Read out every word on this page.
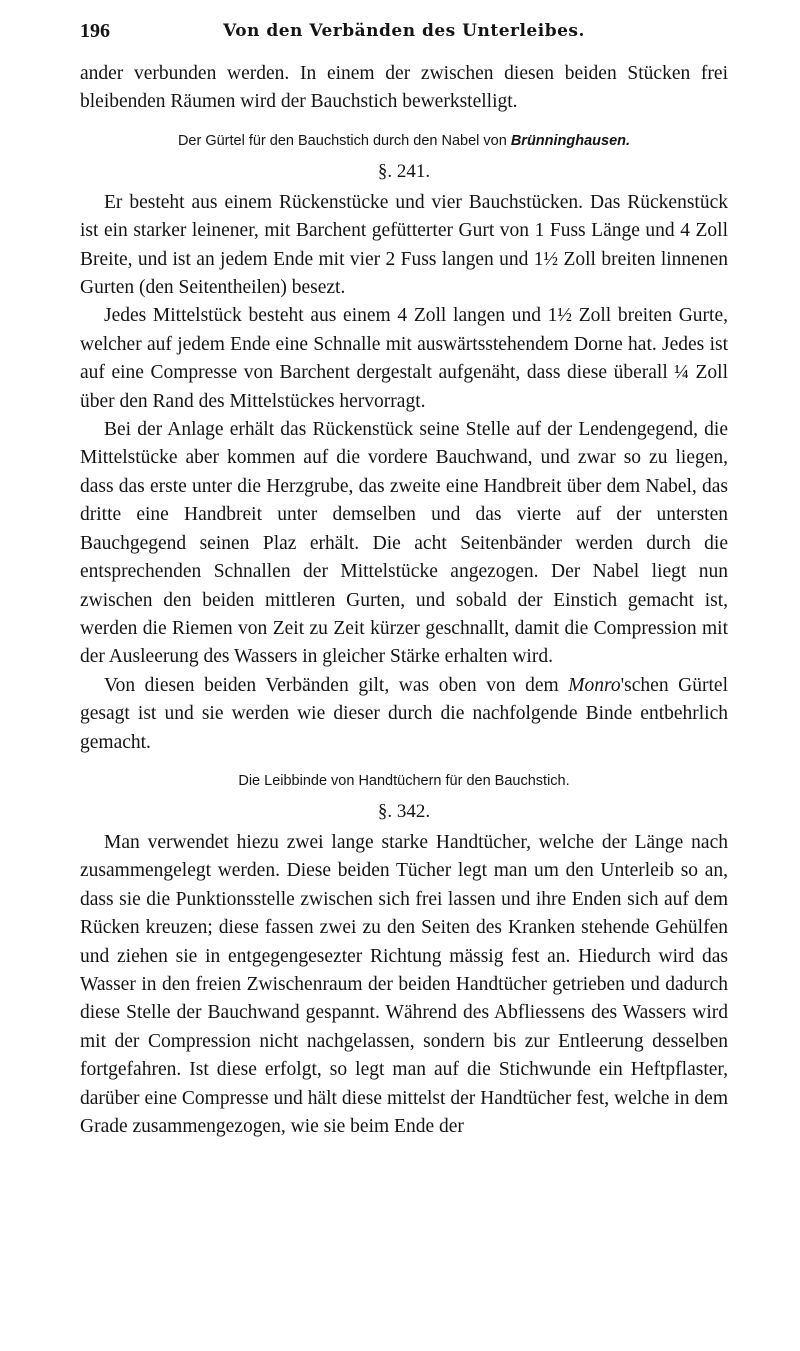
196	Von den Verbänden des Unterleibes.

ander verbunden werden. In einem der zwischen diesen beiden Stücken frei bleibenden Räumen wird der Bauchstich bewerkstelligt.

Der Gürtel für den Bauchstich durch den Nabel von Brünninghausen.
§. 241.

Er besteht aus einem Rückenstücke und vier Bauchstücken. Das Rückenstück ist ein starker leinener, mit Barchent gefütterter Gurt von 1 Fuss Länge und 4 Zoll Breite, und ist an jedem Ende mit vier 2 Fuss langen und 1½ Zoll breiten linnenen Gurten (den Seitentheilen) besezt.

Jedes Mittelstück besteht aus einem 4 Zoll langen und 1½ Zoll breiten Gurte, welcher auf jedem Ende eine Schnalle mit auswärtsstehendem Dorne hat. Jedes ist auf eine Compresse von Barchent dergestalt aufgenäht, dass diese überall ¼ Zoll über den Rand des Mittelstückes hervorragt.

Bei der Anlage erhält das Rückenstück seine Stelle auf der Lendengegend, die Mittelstücke aber kommen auf die vordere Bauchwand, und zwar so zu liegen, dass das erste unter die Herzgrube, das zweite eine Handbreit über dem Nabel, das dritte eine Handbreit unter demselben und das vierte auf der untersten Bauchgegend seinen Plaz erhält. Die acht Seitenbänder werden durch die entsprechenden Schnallen der Mittelstücke angezogen. Der Nabel liegt nun zwischen den beiden mittleren Gurten, und sobald der Einstich gemacht ist, werden die Riemen von Zeit zu Zeit kürzer geschnallt, damit die Compression mit der Ausleerung des Wassers in gleicher Stärke erhalten wird.

Von diesen beiden Verbänden gilt, was oben von dem Monro'schen Gürtel gesagt ist und sie werden wie dieser durch die nachfolgende Binde entbehrlich gemacht.

Die Leibbinde von Handtüchern für den Bauchstich.
§. 342.

Man verwendet hiezu zwei lange starke Handtücher, welche der Länge nach zusammengelegt werden. Diese beiden Tücher legt man um den Unterleib so an, dass sie die Punktionsstelle zwischen sich frei lassen und ihre Enden sich auf dem Rücken kreuzen; diese fassen zwei zu den Seiten des Kranken stehende Gehülfen und ziehen sie in entgegengesezter Richtung mässig fest an. Hiedurch wird das Wasser in den freien Zwischenraum der beiden Handtücher getrieben und dadurch diese Stelle der Bauchwand gespannt. Während des Abfliessens des Wassers wird mit der Compression nicht nachgelassen, sondern bis zur Entleerung desselben fortgefahren. Ist diese erfolgt, so legt man auf die Stichwunde ein Heftpflaster, darüber eine Compresse und hält diese mittelst der Handtücher fest, welche in dem Grade zusammengezogen, wie sie beim Ende der
